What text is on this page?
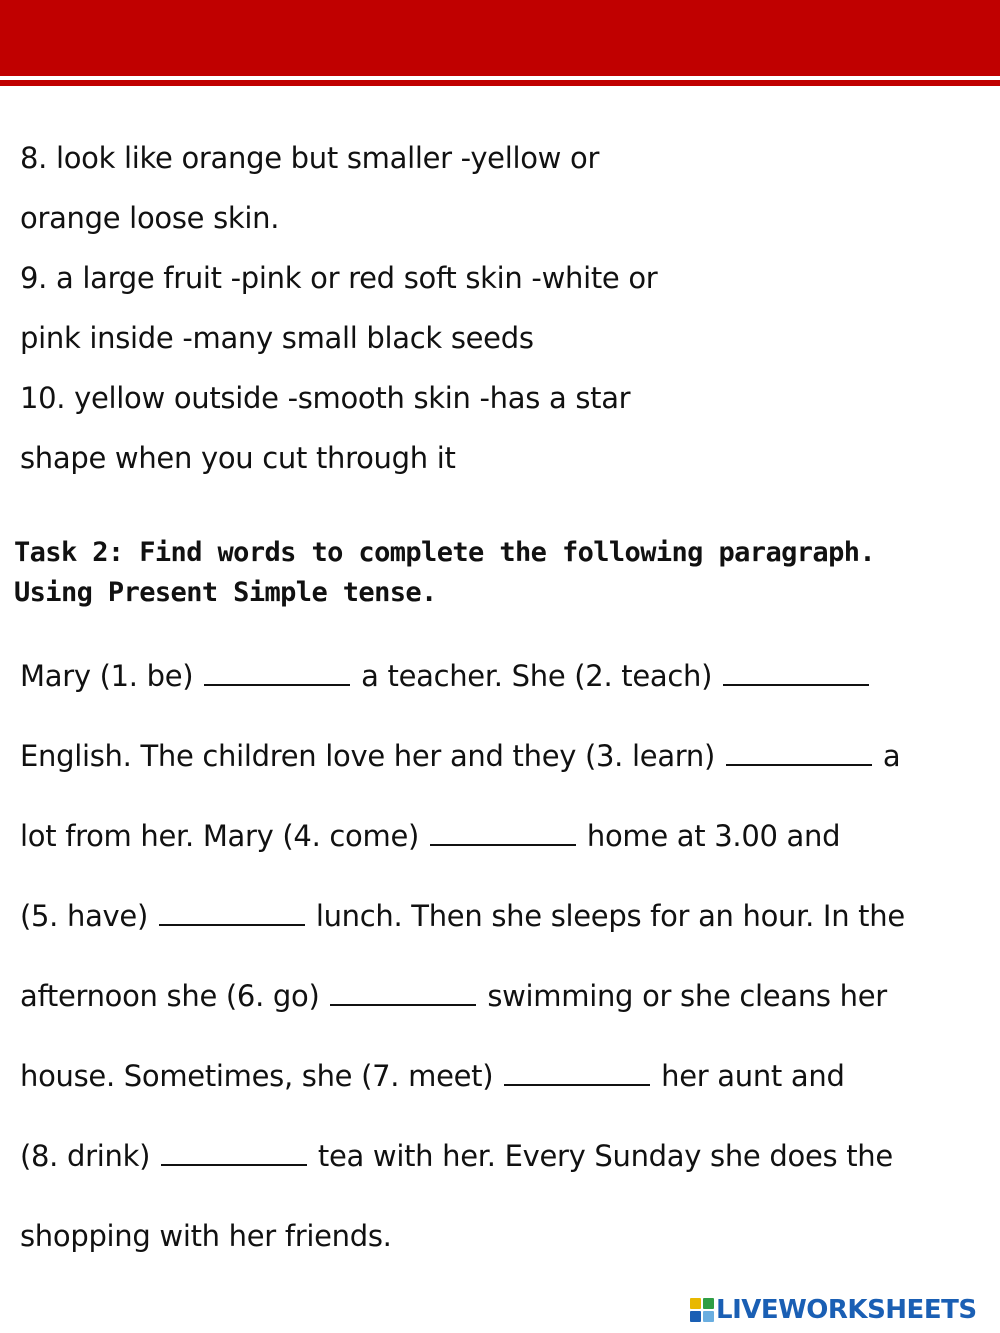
8. look like orange but smaller -yellow or
orange loose skin.
9. a large fruit -pink or red soft skin -white or
pink inside -many small black seeds
10. yellow outside -smooth skin -has a star
shape when you cut through it
Task 2: Find words to complete the following paragraph.
Using Present Simple tense.
Mary (1. be)	a teacher. She (2. teach)
English. The children love her and they (3. learn)	a
lot from her. Mary (4. come)	home at 3.00 and
(5. have)	lunch. Then she sleeps for an hour. In the
afternoon she (6. go)	swimming or she cleans her
house. Sometimes, she (7. meet)	her aunt and
(8. drink)	tea with her. Every Sunday she does the
shopping with her friends.
LIVEWORKSHEETS
